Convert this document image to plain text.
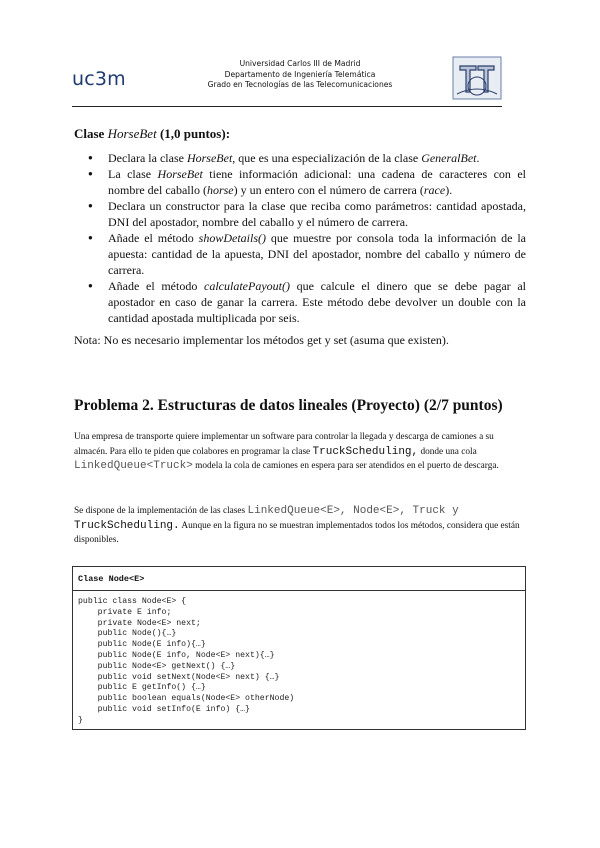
uc3m
Universidad Carlos III de Madrid
Departamento de Ingeniería Telemática
Grado en Tecnologías de las Telecomunicaciones
Clase HorseBet (1,0 puntos):
● Declara la clase HorseBet, que es una especialización de la clase GeneralBet.
● La clase HorseBet tiene información adicional: una cadena de caracteres con el nombre del caballo (horse) y un entero con el número de carrera (race).
● Declara un constructor para la clase que reciba como parámetros: cantidad apostada, DNI del apostador, nombre del caballo y el número de carrera.
● Añade el método showDetails() que muestre por consola toda la información de la apuesta: cantidad de la apuesta, DNI del apostador, nombre del caballo y número de carrera.
● Añade el método calculatePayout() que calcule el dinero que se debe pagar al apostador en caso de ganar la carrera. Este método debe devolver un double con la cantidad apostada multiplicada por seis.
Nota: No es necesario implementar los métodos get y set (asuma que existen).
Problema 2. Estructuras de datos lineales (Proyecto) (2/7 puntos)
Una empresa de transporte quiere implementar un software para controlar la llegada y descarga de camiones a su almacén. Para ello te piden que colabores en programar la clase TruckScheduling, donde una cola LinkedQueue<Truck> modela la cola de camiones en espera para ser atendidos en el puerto de descarga.
Se dispone de la implementación de las clases LinkedQueue<E>, Node<E>, Truck y
TruckScheduling. Aunque en la figura no se muestran implementados todos los métodos, considera que están disponibles.
Clase Node<E>
public class Node<E> {
private E info;
private Node<E> next;
public Node(){…}
public Node(E info){…}
public Node(E info, Node<E> next){…}
public Node<E> getNext() {…}
public void setNext(Node<E> next) {…}
public E getInfo() {…}
public boolean equals(Node<E> otherNode)
public void setInfo(E info) {…}
}
